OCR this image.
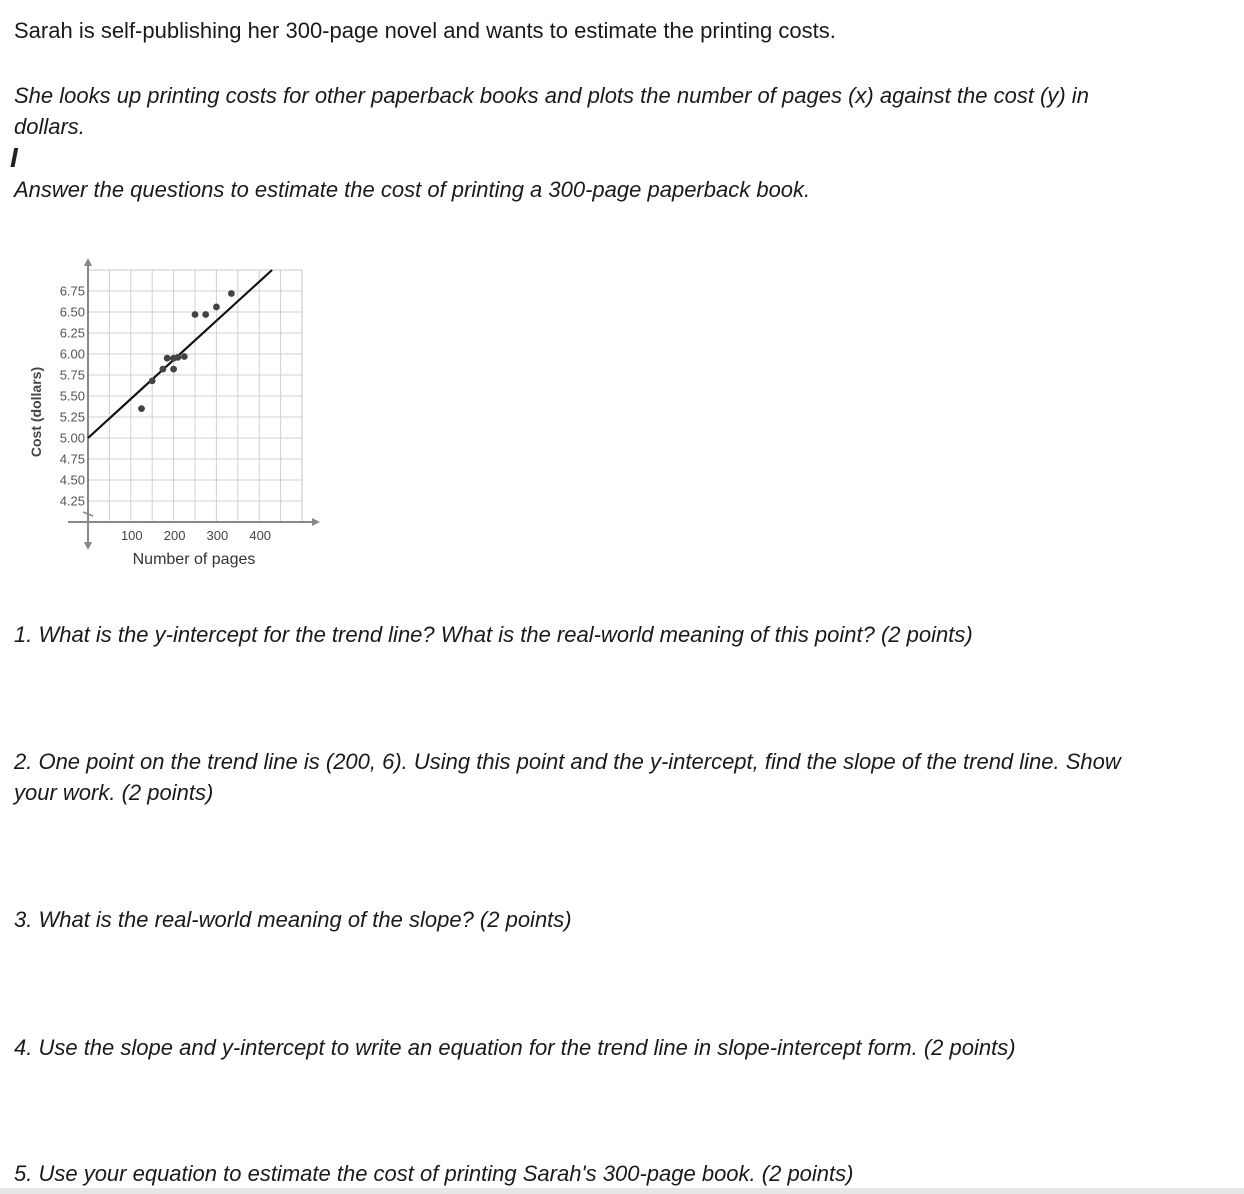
Sarah is self-publishing her 300-page novel and wants to estimate the printing costs.

She looks up printing costs for other paperback books and plots the number of pages (x) against the cost (y) in

dollars.

I

Answer the questions to estimate the cost of printing a 300-page paperback book.

6.75
6.50
6.25
6.00
5.75
5.50
5.25
5.00
4.75
4.50
4.25
100 200 300 400
Number of pages
Cost (dollars)

1. What is the y-intercept for the trend line? What is the real-world meaning of this point? (2 points)

2. One point on the trend line is (200, 6). Using this point and the y-intercept, find the slope of the trend line. Show

your work. (2 points)

3. What is the real-world meaning of the slope? (2 points)

4. Use the slope and y-intercept to write an equation for the trend line in slope-intercept form. (2 points)

5. Use your equation to estimate the cost of printing Sarah's 300-page book. (2 points)
